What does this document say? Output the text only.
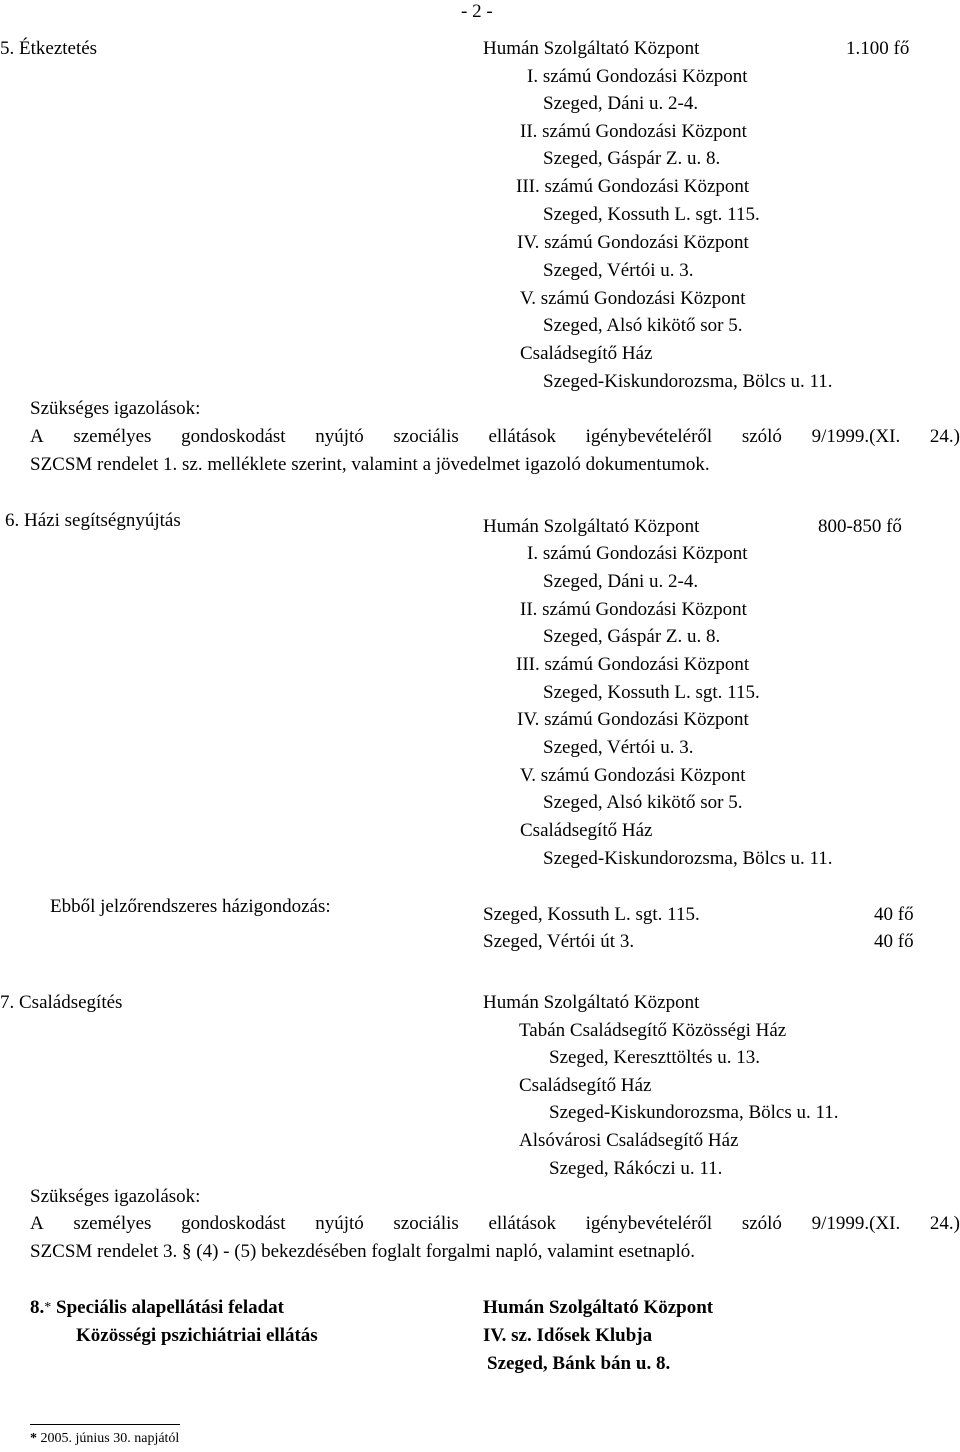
- 2 -
5. Étkeztetés	Humán Szolgáltató Központ	1.100 fő
I. számú Gondozási Központ
Szeged, Dáni u. 2-4.
II. számú Gondozási Központ
Szeged, Gáspár Z. u. 8.
III. számú Gondozási Központ
Szeged, Kossuth L. sgt. 115.
IV. számú Gondozási Központ
Szeged, Vértói u. 3.
V. számú Gondozási Központ
Szeged, Alsó kikötő sor 5.
Családsegítő Ház
Szeged-Kiskundorozsma, Bölcs u. 11.
Szükséges igazolások:
A személyes gondoskodást nyújtó szociális ellátások igénybevételéről szóló 9/1999.(XI. 24.)
SZCSM rendelet 1. sz. melléklete szerint, valamint a jövedelmet igazoló dokumentumok.
6. Házi segítségnyújtás	Humán Szolgáltató Központ	800-850 fő
I. számú Gondozási Központ
Szeged, Dáni u. 2-4.
II. számú Gondozási Központ
Szeged, Gáspár Z. u. 8.
III. számú Gondozási Központ
Szeged, Kossuth L. sgt. 115.
IV. számú Gondozási Központ
Szeged, Vértói u. 3.
V. számú Gondozási Központ
Szeged, Alsó kikötő sor 5.
Családsegítő Ház
Szeged-Kiskundorozsma, Bölcs u. 11.
Ebből jelzőrendszeres házigondozás:	Szeged, Kossuth L. sgt. 115.	40 fő
Szeged, Vértói út 3.	40 fő
7. Családsegítés	Humán Szolgáltató Központ
Tabán Családsegítő Közösségi Ház
Szeged, Kereszttöltés u. 13.
Családsegítő Ház
Szeged-Kiskundorozsma, Bölcs u. 11.
Alsóvárosi Családsegítő Ház
Szeged, Rákóczi u. 11.
Szükséges igazolások:
A személyes gondoskodást nyújtó szociális ellátások igénybevételéről szóló 9/1999.(XI. 24.)
SZCSM rendelet 3. § (4) - (5) bekezdésében foglalt forgalmi napló, valamint esetnapló.
8.* Speciális alapellátási feladat
Közösségi pszichiátriai ellátás
Humán Szolgáltató Központ
IV. sz. Idősek Klubja
Szeged, Bánk bán u. 8.
* 2005. június 30. napjától
